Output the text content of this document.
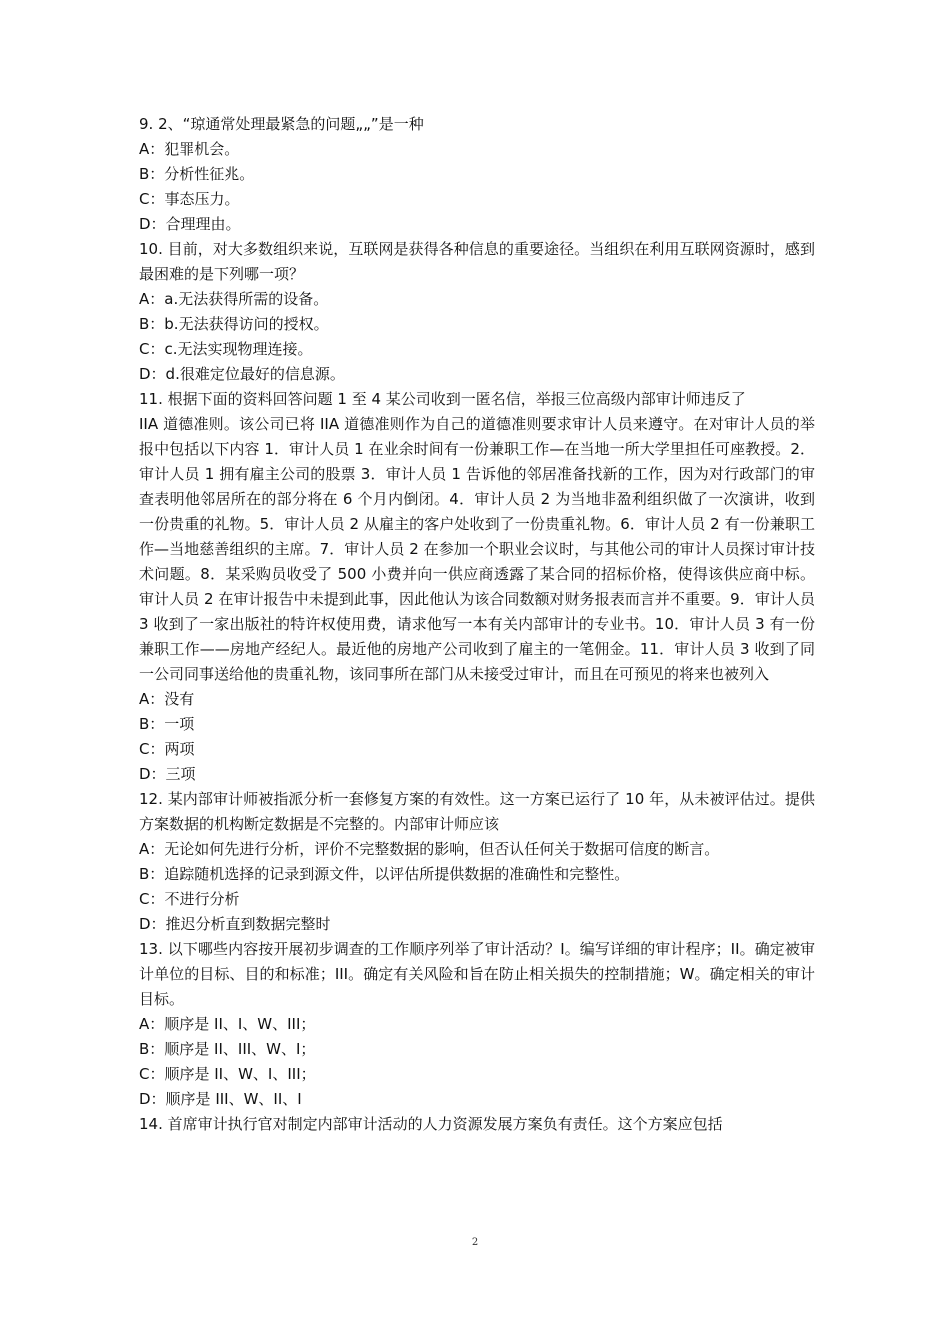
9. 2、“琼通常处理最紧急的问题„„”是一种

A：犯罪机会。

B：分析性征兆。

C：事态压力。

D：合理理由。

10. 目前，对大多数组织来说，互联网是获得各种信息的重要途径。当组织在利用互联网资源时，感到最困难的是下列哪一项？

A：a.无法获得所需的设备。

B：b.无法获得访问的授权。

C：c.无法实现物理连接。

D：d.很难定位最好的信息源。

11. 根据下面的资料回答问题 1 至 4 某公司收到一匿名信，举报三位高级内部审计师违反了

IIA 道德准则。该公司已将 IIA 道德准则作为自己的道德准则要求审计人员来遵守。在对审计人员的举报中包括以下内容 1．审计人员 1 在业余时间有一份兼职工作—在当地一所大学里担任可座教授。2．审计人员 1 拥有雇主公司的股票 3．审计人员 1 告诉他的邻居准备找新的工作，因为对行政部门的审查表明他邻居所在的部分将在 6 个月内倒闭。4．审计人员 2 为当地非盈利组织做了一次演讲，收到一份贵重的礼物。5．审计人员 2 从雇主的客户处收到了一份贵重礼物。6．审计人员 2 有一份兼职工作—当地慈善组织的主席。7．审计人员 2 在参加一个职业会议时，与其他公司的审计人员探讨审计技术问题。8．某采购员收受了 500 小费并向一供应商透露了某合同的招标价格，使得该供应商中标。审计人员 2 在审计报告中未提到此事，因此他认为该合同数额对财务报表而言并不重要。9．审计人员 3 收到了一家出版社的特许权使用费，请求他写一本有关内部审计的专业书。10．审计人员 3 有一份兼职工作——房地产经纪人。最近他的房地产公司收到了雇主的一笔佣金。11．审计人员 3 收到了同一公司同事送给他的贵重礼物，该同事所在部门从未接受过审计，而且在可预见的将来也被列入

A：没有

B：一项

C：两项

D：三项

12. 某内部审计师被指派分析一套修复方案的有效性。这一方案已运行了 10 年，从未被评估过。提供方案数据的机构断定数据是不完整的。内部审计师应该

A：无论如何先进行分析，评价不完整数据的影响，但否认任何关于数据可信度的断言。

B：追踪随机选择的记录到源文件，以评估所提供数据的准确性和完整性。

C：不进行分析

D：推迟分析直到数据完整时

13. 以下哪些内容按开展初步调查的工作顺序列举了审计活动？I。编写详细的审计程序；II。确定被审计单位的目标、目的和标准；III。确定有关风险和旨在防止相关损失的控制措施；W。确定相关的审计目标。

A：顺序是 II、I、W、III；

B：顺序是 II、III、W、I；

C：顺序是 II、W、I、III；

D：顺序是 III、W、II、I

14. 首席审计执行官对制定内部审计活动的人力资源发展方案负有责任。这个方案应包括

2
